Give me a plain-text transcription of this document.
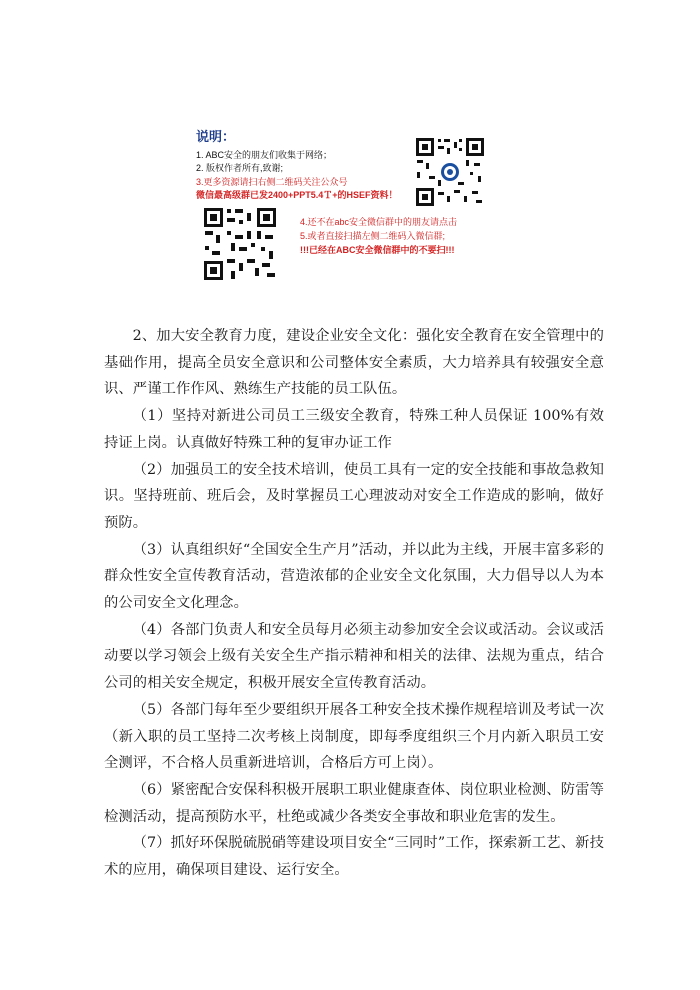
说明：
1. ABC安全的朋友们收集于网络；
2. 版权作者所有,致谢;
3.更多资源请扫右侧二维码关注公众号
微信最高级群已发2400+PPT5.4Ｔ+的HSEF资料！
4.还不在abc安全微信群中的朋友请点击
5.或者直接扫描左侧二维码入微信群;
!!!已经在ABC安全微信群中的不要扫!!!

2、加大安全教育力度，建设企业安全文化：强化安全教育在安全管理中的基础作用，提高全员安全意识和公司整体安全素质，大力培养具有较强安全意识、严谨工作作风、熟练生产技能的员工队伍。

（1）坚持对新进公司员工三级安全教育，特殊工种人员保证 100%有效持证上岗。认真做好特殊工种的复审办证工作

（2）加强员工的安全技术培训，使员工具有一定的安全技能和事故急救知识。坚持班前、班后会，及时掌握员工心理波动对安全工作造成的影响，做好预防。

（3）认真组织好“全国安全生产月”活动，并以此为主线，开展丰富多彩的群众性安全宣传教育活动，营造浓郁的企业安全文化氛围，大力倡导以人为本的公司安全文化理念。

（4）各部门负责人和安全员每月必须主动参加安全会议或活动。会议或活动要以学习领会上级有关安全生产指示精神和相关的法律、法规为重点，结合公司的相关安全规定，积极开展安全宣传教育活动。

（5）各部门每年至少要组织开展各工种安全技术操作规程培训及考试一次（新入职的员工坚持二次考核上岗制度，即每季度组织三个月内新入职员工安全测评，不合格人员重新进培训，合格后方可上岗）。

（6）紧密配合安保科积极开展职工职业健康查体、岗位职业检测、防雷等检测活动，提高预防水平，杜绝或减少各类安全事故和职业危害的发生。

（7）抓好环保脱硫脱硝等建设项目安全“三同时”工作，探索新工艺、新技术的应用，确保项目建设、运行安全。
